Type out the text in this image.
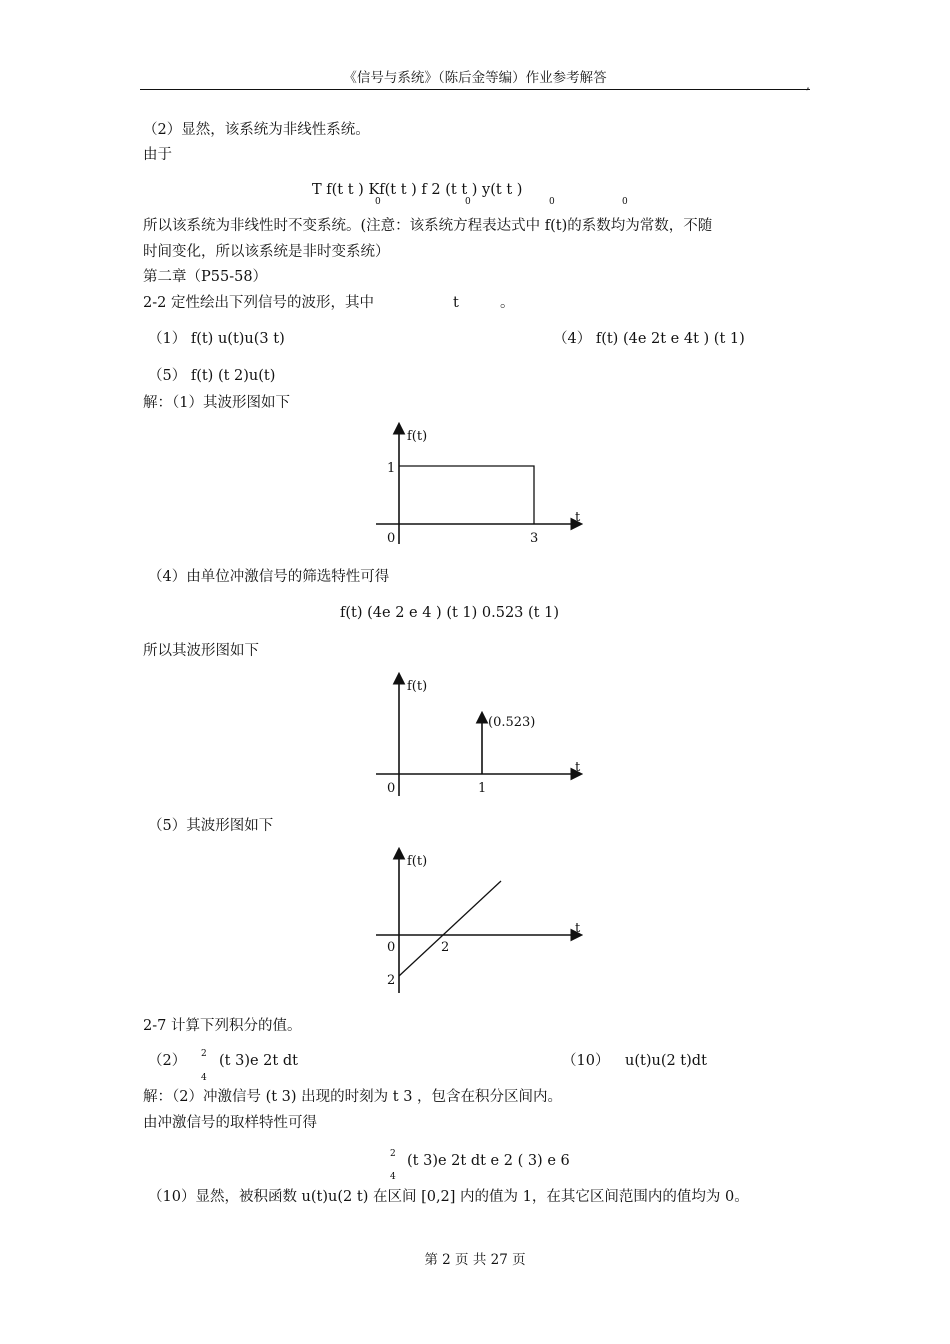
《信号与系统》（陈后金等编）作业参考解答	,
（2）显然，该系统为非线性系统。
由于
T f(t t ) Kf(t t ) f 2 (t t ) y(t t )
0	0	0	0
所以该系统为非线性时不变系统。(注意：该系统方程表达式中 f(t)的系数均为常数，不随
时间变化，所以该系统是非时变系统）
第二章（P55-58）
2-2 定性绘出下列信号的波形，其中	t	。
（1） f(t) u(t)u(3 t)	（4） f(t) (4e 2t e 4t ) (t 1)
（5） f(t) (t 2)u(t)
解：（1）其波形图如下
f(t)
t
0
1
3
（4）由单位冲激信号的筛选特性可得
f(t) (4e 2 e 4 ) (t 1) 0.523 (t 1)
所以其波形图如下
f(t)
t
0	1
(0.523)
（5）其波形图如下
f(t)
t
0	2
2
2-7 计算下列积分的值。
（2） 2
4
(t 3)e 2t dt	（10） u(t)u(2 t)dt
解：（2）冲激信号 (t 3) 出现的时刻为 t 3 ，包含在积分区间内。
由冲激信号的取样特性可得
2
4
(t 3)e 2t dt e 2 ( 3) e 6
（10）显然，被积函数 u(t)u(2 t) 在区间 [0,2] 内的值为 1，在其它区间范围内的值均为 0。
第 2 页 共 27 页
